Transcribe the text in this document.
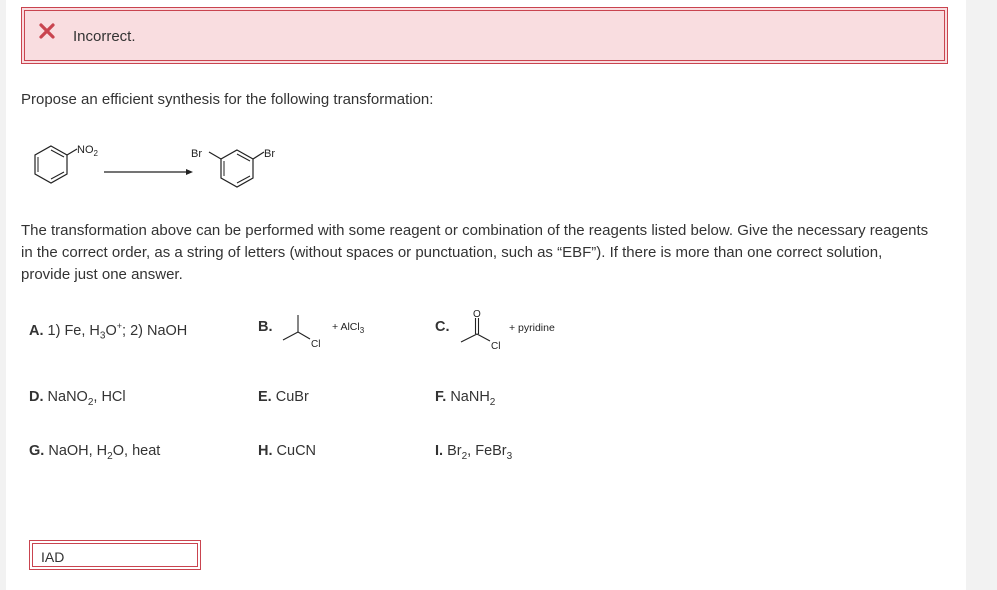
Incorrect.
Propose an efficient synthesis for the following transformation:
$NO_2$	Br	Br
The transformation above can be performed with some reagent or combination of the reagents listed below. Give the necessary reagents in the correct order, as a string of letters (without spaces or punctuation, such as “EBF”). If there is more than one correct solution, provide just one answer.
A. 1) Fe, $H_3O^+$; 2) NaOH	B.
Cl
+ AlCl$_3$	C.
O
Cl
+ pyridine
D. NaNO$_2$, HCl	E. CuBr	F. NaNH$_2$
G. NaOH, $H_2O$, heat	H. CuCN	I. $Br_2$, FeBr$_3$
IAD
